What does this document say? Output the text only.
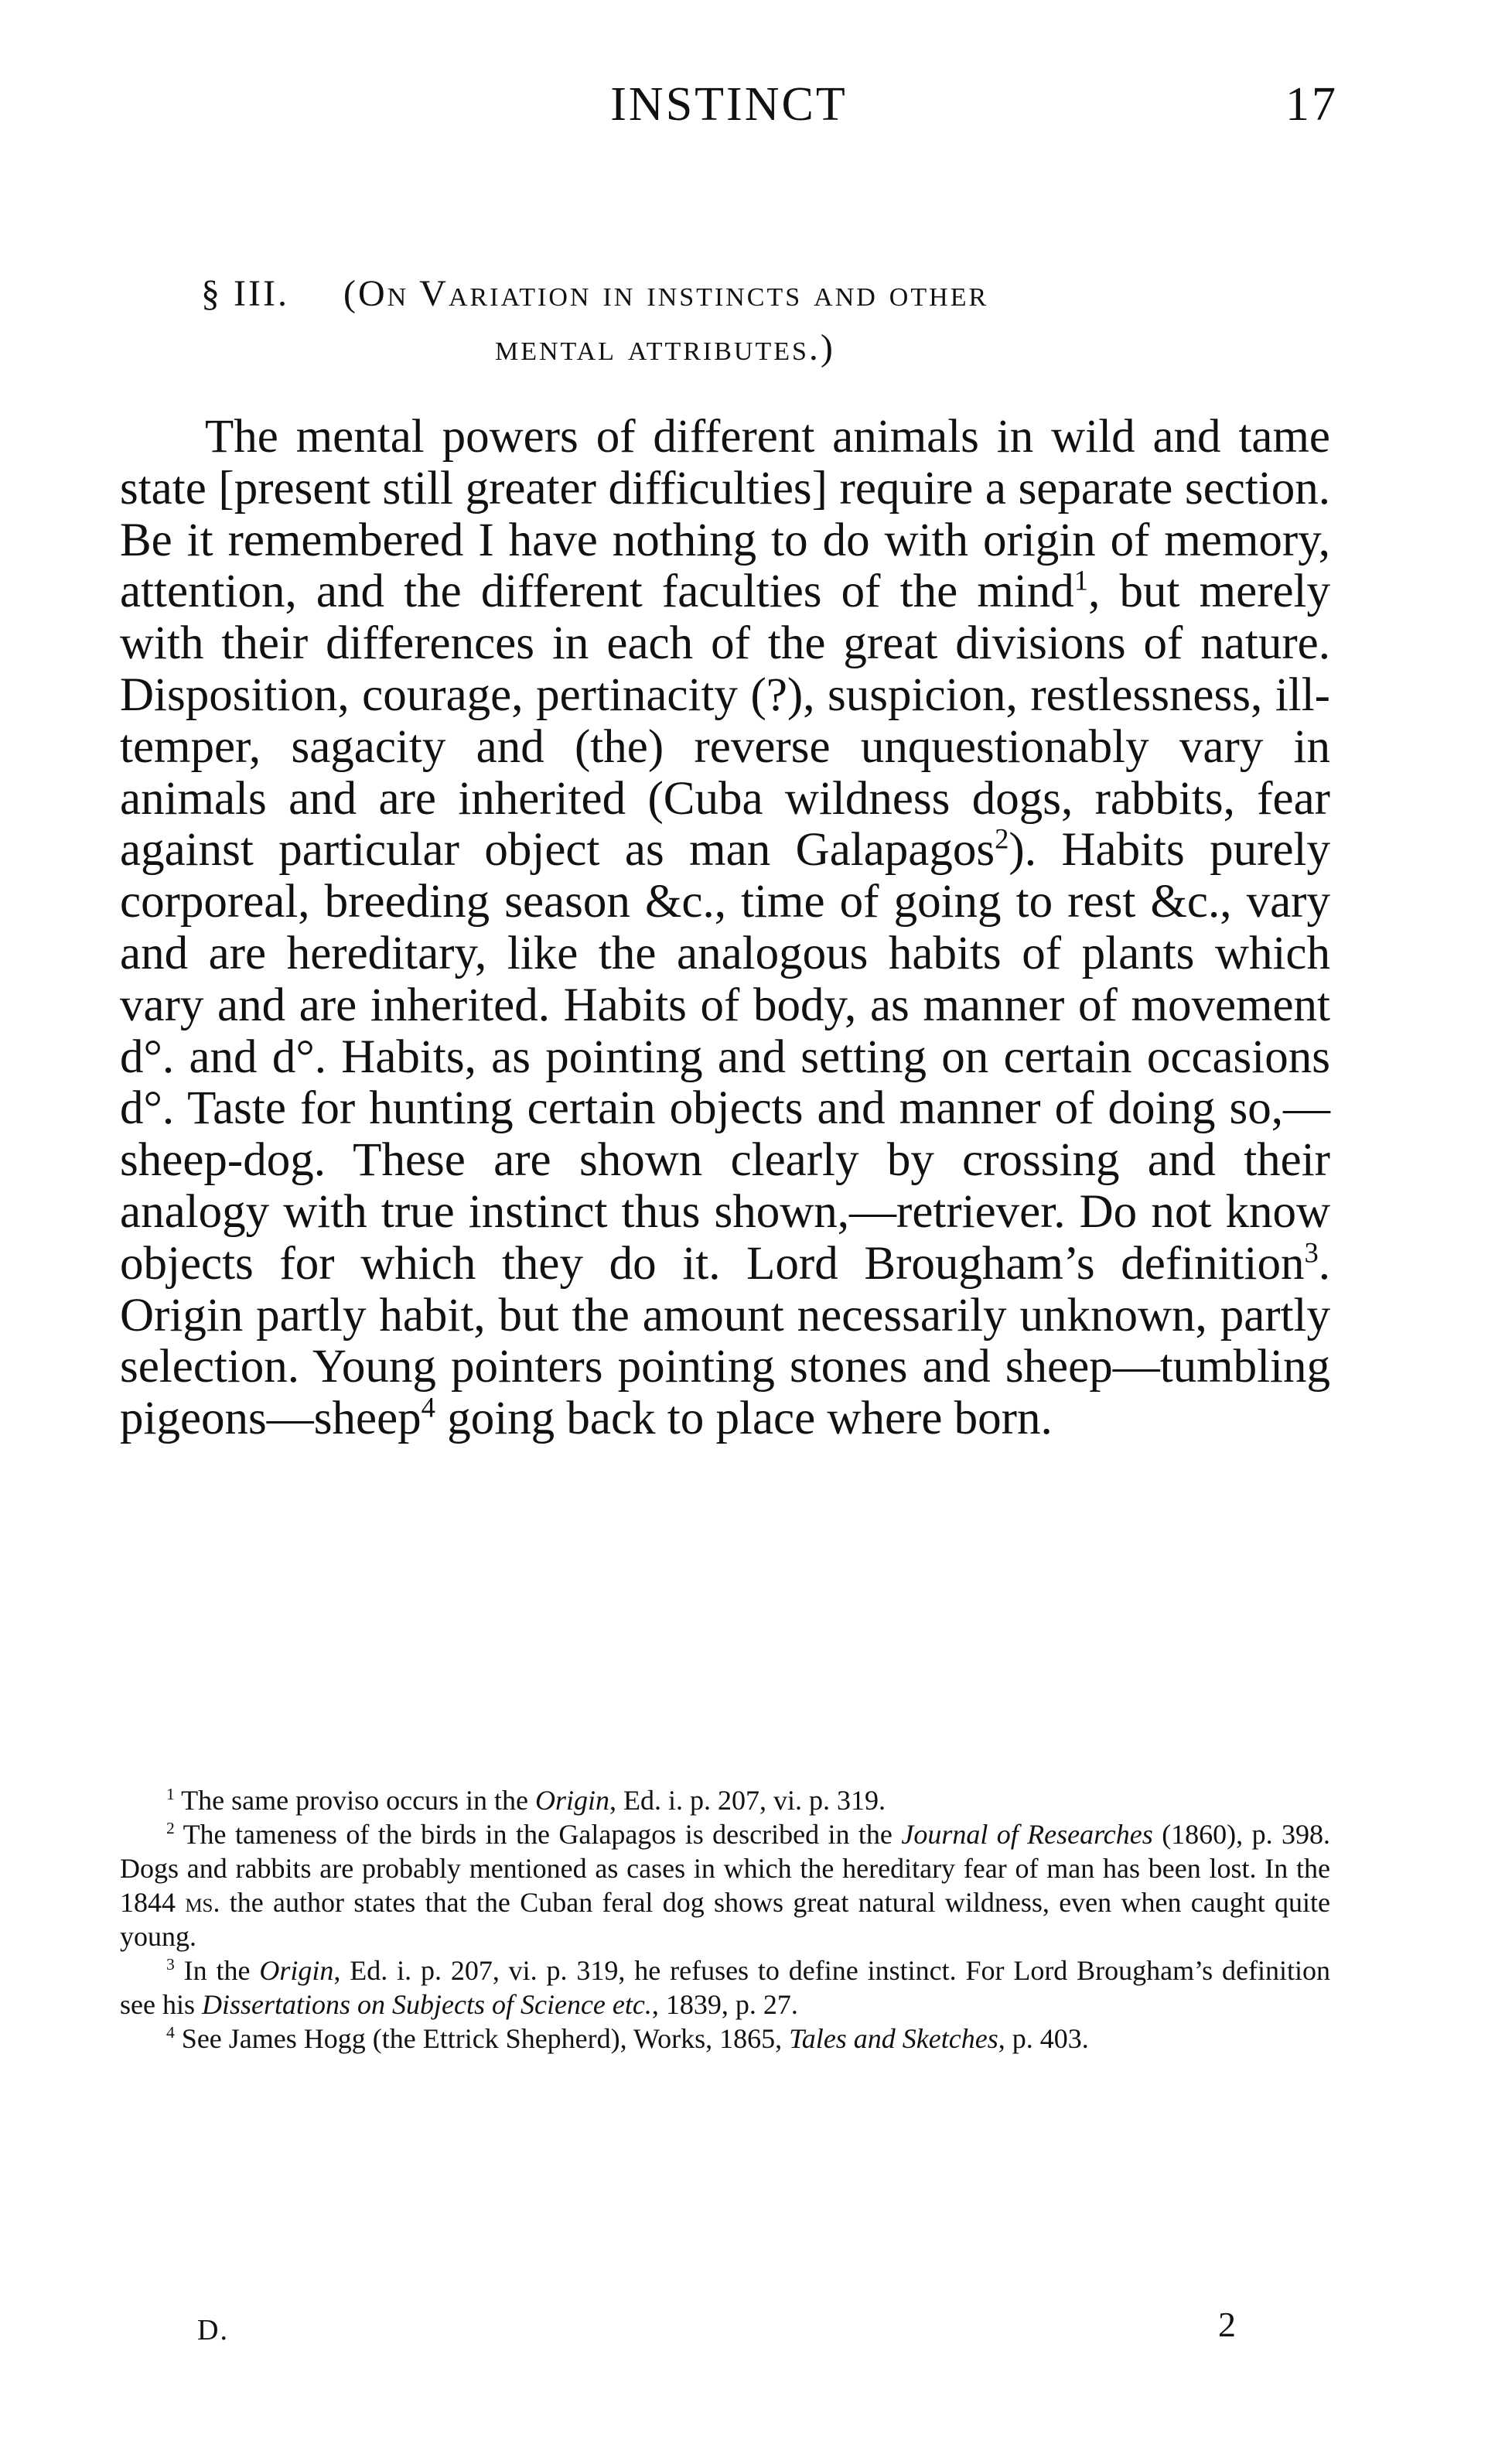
INSTINCT	17
§ III. (On Variation in instincts and other
mental attributes.)

The mental powers of different animals in wild and tame state [present still greater difficulties] require a separate section. Be it remembered I have nothing to do with origin of memory, attention, and the different faculties of the mind$^1$, but merely with their differences in each of the great divisions of nature. Disposition, courage, pertinacity (?), suspicion, restlessness, ill-temper, sagacity and (the) reverse unquestionably vary in animals and are inherited (Cuba wildness dogs, rabbits, fear against particular object as man Galapagos$^2$). Habits purely corporeal, breeding season &c., time of going to rest &c., vary and are hereditary, like the analogous habits of plants which vary and are inherited. Habits of body, as manner of movement d°. and d°. Habits, as pointing and setting on certain occasions d°. Taste for hunting certain objects and manner of doing so,—sheep-dog. These are shown clearly by crossing and their analogy with true instinct thus shown,—retriever. Do not know objects for which they do it. Lord Brougham’s definition$^3$. Origin partly habit, but the amount necessarily unknown, partly selection. Young pointers pointing stones and sheep—tumbling pigeons—sheep$^4$ going back to place where born.

$^1$ The same proviso occurs in the Origin, Ed. i. p. 207, vi. p. 319.

$^2$ The tameness of the birds in the Galapagos is described in the Journal of Researches (1860), p. 398. Dogs and rabbits are probably mentioned as cases in which the hereditary fear of man has been lost. In the 1844 ms. the author states that the Cuban feral dog shows great natural wildness, even when caught quite young.

$^3$ In the Origin, Ed. i. p. 207, vi. p. 319, he refuses to define instinct. For Lord Brougham’s definition see his Dissertations on Subjects of Science etc., 1839, p. 27.

$^4$ See James Hogg (the Ettrick Shepherd), Works, 1865, Tales and Sketches, p. 403.

D.	2
